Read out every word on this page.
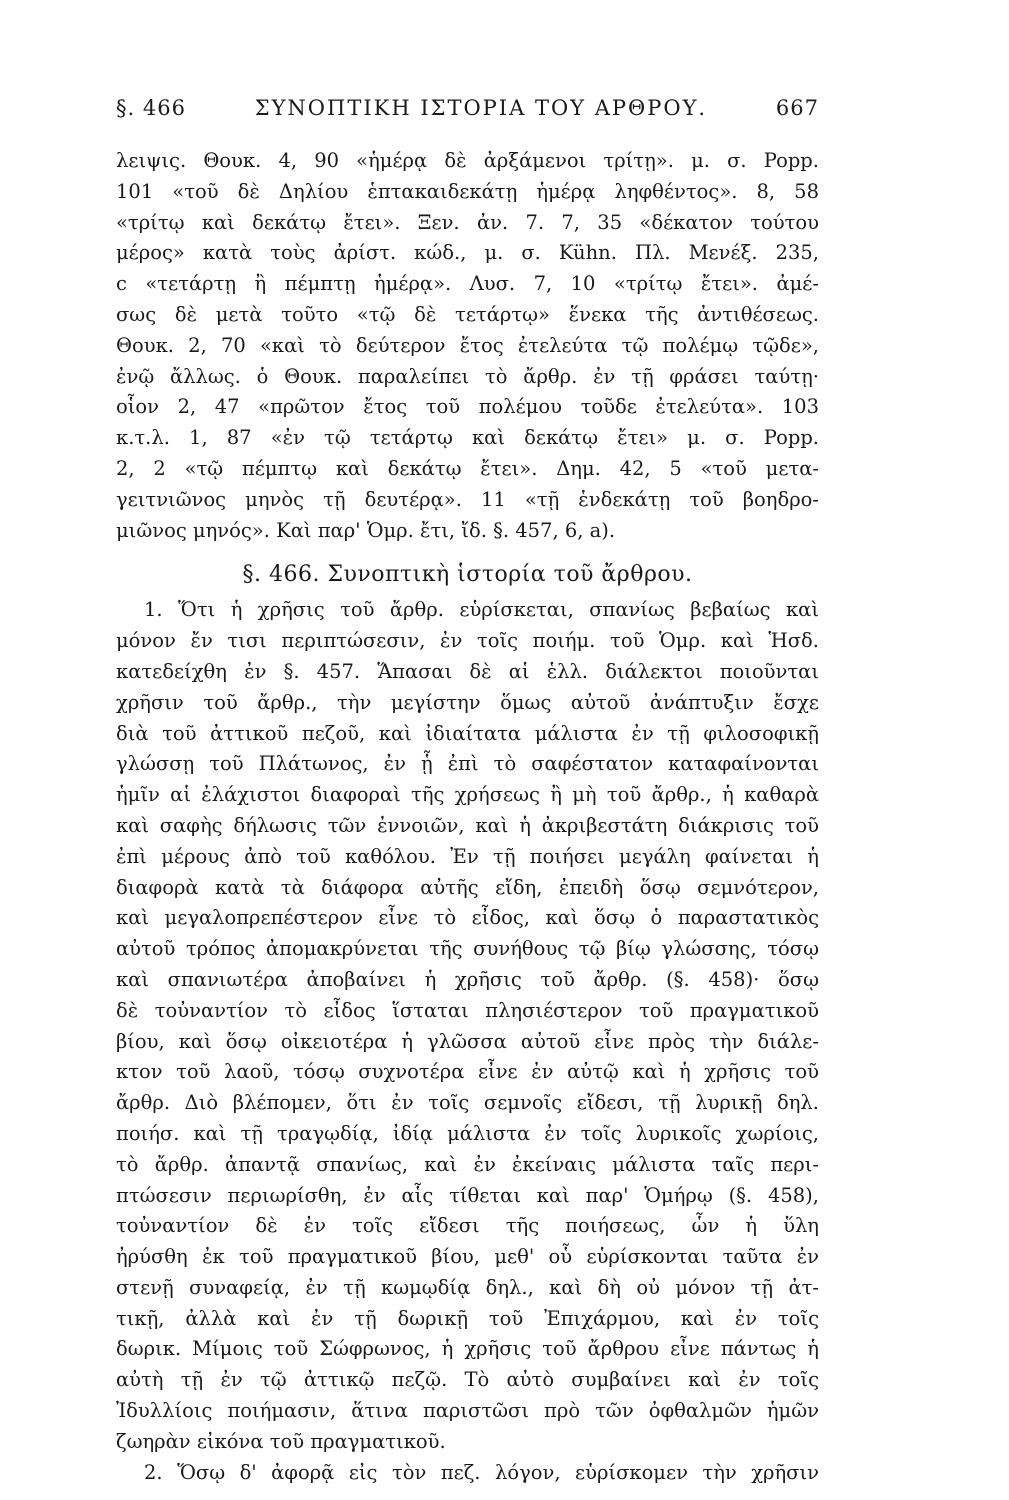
§. 466	ΣΥΝΟΠΤΙΚΗ ΙΣΤΟΡΙΑ ΤΟΥ ΑΡΘΡΟΥ.	667
λειψις. Θουκ. 4, 90 «ἡμέρᾳ δὲ ἀρξάμενοι τρίτῃ». μ. σ. Popp.
101 «τοῦ δὲ Δηλίου ἑπτακαιδεκάτῃ ἡμέρᾳ ληφθέντος». 8, 58
«τρίτῳ καὶ δεκάτῳ ἔτει». Ξεν. ἀν. 7. 7, 35 «δέκατον τούτου
μέρος» κατὰ τοὺς ἀρίστ. κώδ., μ. σ. Kühn. Πλ. Μενέξ. 235,
c «τετάρτῃ ἢ πέμπτῃ ἡμέρᾳ». Λυσ. 7, 10 «τρίτῳ ἔτει». ἀμέ-
σως δὲ μετὰ τοῦτο «τῷ δὲ τετάρτῳ» ἕνεκα τῆς ἀντιθέσεως.
Θουκ. 2, 70 «καὶ τὸ δεύτερον ἔτος ἐτελεύτα τῷ πολέμῳ τῷδε»,
ἐνῷ ἄλλως. ὁ Θουκ. παραλείπει τὸ ἄρθρ. ἐν τῇ φράσει ταύτῃ·
οἷον 2, 47 «πρῶτον ἔτος τοῦ πολέμου τοῦδε ἐτελεύτα». 103
κ.τ.λ. 1, 87 «ἐν τῷ τετάρτῳ καὶ δεκάτῳ ἔτει» μ. σ. Popp.
2, 2 «τῷ πέμπτῳ καὶ δεκάτῳ ἔτει». Δημ. 42, 5 «τοῦ μετα-
γειτνιῶνος μηνὸς τῇ δευτέρᾳ». 11 «τῇ ἑνδεκάτῃ τοῦ βοηδρο-
μιῶνος μηνός». Καὶ παρ' Ὁμρ. ἔτι, ἴδ. §. 457, 6, a).
§. 466. Συνοπτικὴ ἱστορία τοῦ ἄρθρου.
1. Ὅτι ἡ χρῆσις τοῦ ἄρθρ. εὑρίσκεται, σπανίως βεβαίως καὶ
μόνον ἔν τισι περιπτώσεσιν, ἐν τοῖς ποιήμ. τοῦ Ὁμρ. καὶ Ἡσδ.
κατεδείχθη ἐν §. 457. Ἅπασαι δὲ αἱ ἑλλ. διάλεκτοι ποιοῦνται
χρῆσιν τοῦ ἄρθρ., τὴν μεγίστην ὅμως αὐτοῦ ἀνάπτυξιν ἔσχε
διὰ τοῦ ἀττικοῦ πεζοῦ, καὶ ἰδιαίτατα μάλιστα ἐν τῇ φιλοσοφικῇ
γλώσσῃ τοῦ Πλάτωνος, ἐν ᾗ ἐπὶ τὸ σαφέστατον καταφαίνονται
ἡμῖν αἱ ἐλάχιστοι διαφοραὶ τῆς χρήσεως ἢ μὴ τοῦ ἄρθρ., ἡ καθαρὰ
καὶ σαφὴς δήλωσις τῶν ἐννοιῶν, καὶ ἡ ἀκριβεστάτη διάκρισις τοῦ
ἐπὶ μέρους ἀπὸ τοῦ καθόλου. Ἐν τῇ ποιήσει μεγάλη φαίνεται ἡ
διαφορὰ κατὰ τὰ διάφορα αὐτῆς εἴδη, ἐπειδὴ ὅσῳ σεμνότερον,
καὶ μεγαλοπρεπέστερον εἶνε τὸ εἶδος, καὶ ὅσῳ ὁ παραστατικὸς
αὐτοῦ τρόπος ἀπομακρύνεται τῆς συνήθους τῷ βίῳ γλώσσης, τόσῳ
καὶ σπανιωτέρα ἀποβαίνει ἡ χρῆσις τοῦ ἄρθρ. (§. 458)· ὅσῳ
δὲ τοὐναντίον τὸ εἶδος ἵσταται πλησιέστερον τοῦ πραγματικοῦ
βίου, καὶ ὅσῳ οἰκειοτέρα ἡ γλῶσσα αὐτοῦ εἶνε πρὸς τὴν διάλε-
κτον τοῦ λαοῦ, τόσῳ συχνοτέρα εἶνε ἐν αὐτῷ καὶ ἡ χρῆσις τοῦ
ἄρθρ. Διὸ βλέπομεν, ὅτι ἐν τοῖς σεμνοῖς εἴδεσι, τῇ λυρικῇ δηλ.
ποιήσ. καὶ τῇ τραγῳδίᾳ, ἰδίᾳ μάλιστα ἐν τοῖς λυρικοῖς χωρίοις,
τὸ ἄρθρ. ἀπαντᾷ σπανίως, καὶ ἐν ἐκείναις μάλιστα ταῖς περι-
πτώσεσιν περιωρίσθη, ἐν αἷς τίθεται καὶ παρ' Ὁμήρῳ (§. 458),
τοὐναντίον δὲ ἐν τοῖς εἴδεσι τῆς ποιήσεως, ὧν ἡ ὕλη
ἠρύσθη ἐκ τοῦ πραγματικοῦ βίου, μεθ' οὗ εὑρίσκονται ταῦτα ἐν
στενῇ συναφείᾳ, ἐν τῇ κωμῳδίᾳ δηλ., καὶ δὴ οὐ μόνον τῇ ἀτ-
τικῇ, ἀλλὰ καὶ ἐν τῇ δωρικῇ τοῦ Ἐπιχάρμου, καὶ ἐν τοῖς
δωρικ. Μίμοις τοῦ Σώφρωνος, ἡ χρῆσις τοῦ ἄρθρου εἶνε πάντως ἡ
αὐτὴ τῇ ἐν τῷ ἀττικῷ πεζῷ. Τὸ αὐτὸ συμβαίνει καὶ ἐν τοῖς
Ἰδυλλίοις ποιήμασιν, ἅτινα παριστῶσι πρὸ τῶν ὀφθαλμῶν ἡμῶν
ζωηρὰν εἰκόνα τοῦ πραγματικοῦ.
2. Ὅσῳ δ' ἀφορᾷ εἰς τὸν πεζ. λόγον, εὑρίσκομεν τὴν χρῆσιν
